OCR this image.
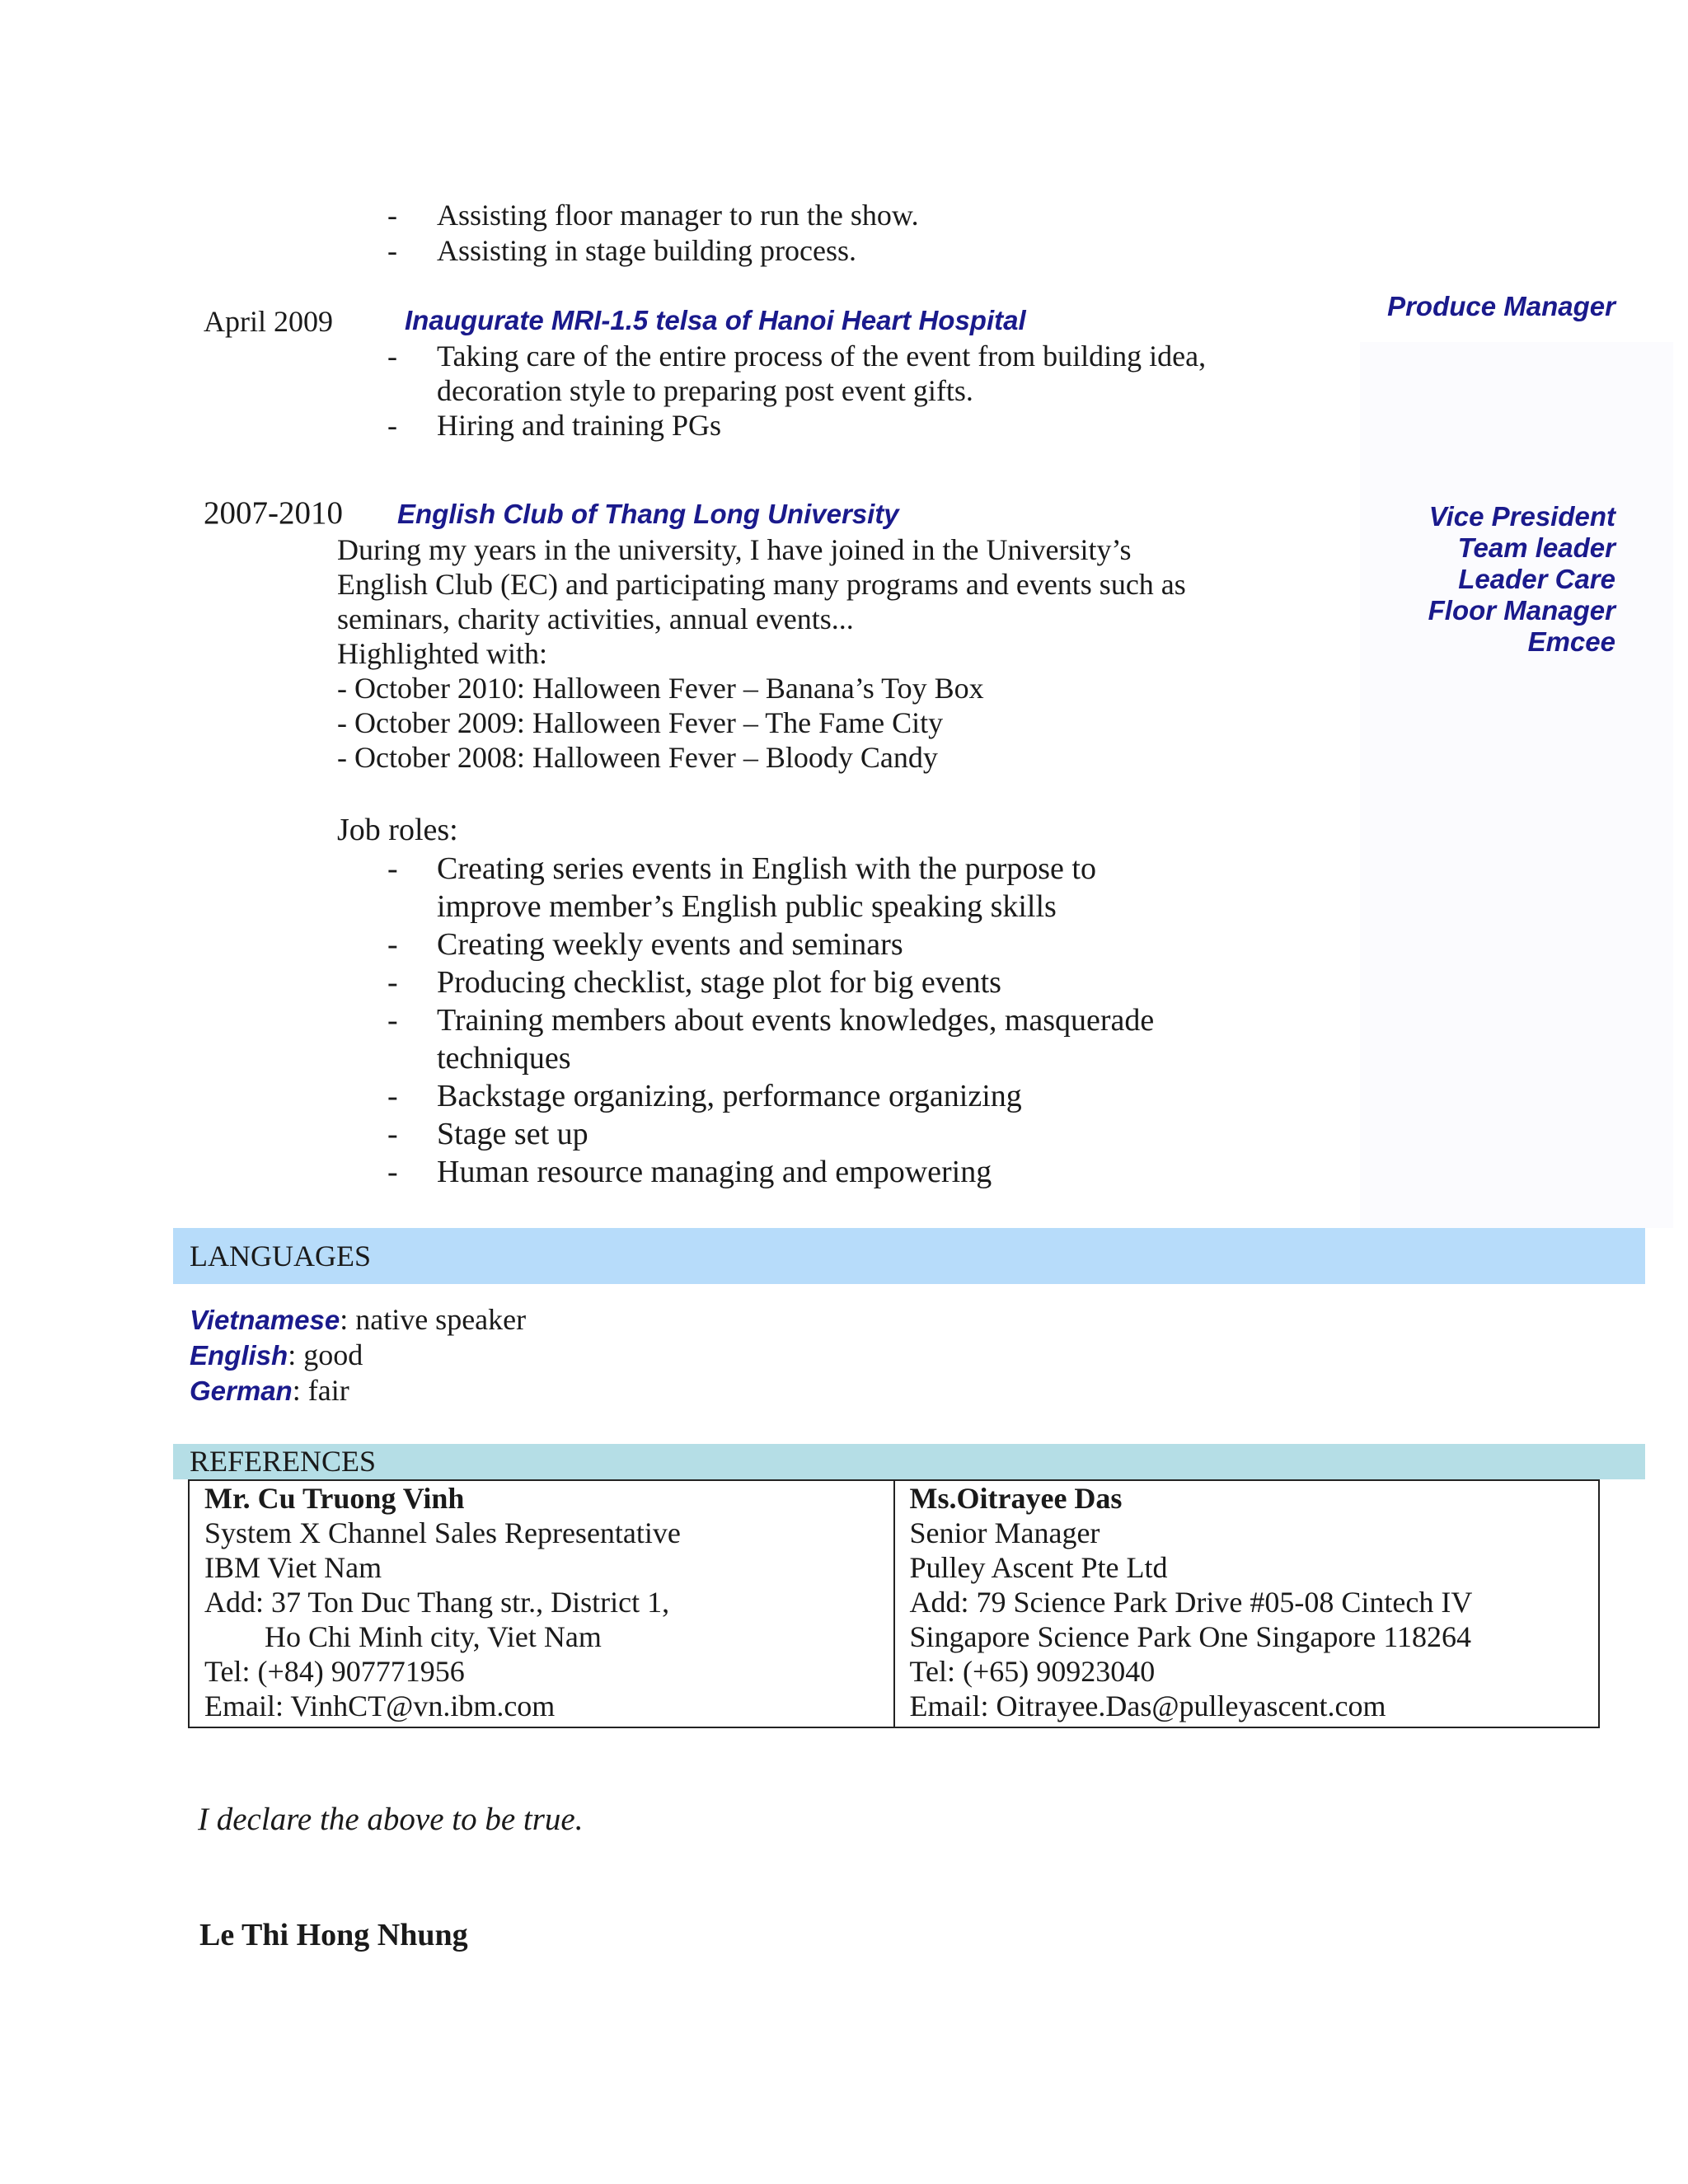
- Assisting floor manager to run the show.
- Assisting in stage building process.
April 2009	Inaugurate MRI-1.5 telsa of Hanoi Heart Hospital	Produce Manager
- Taking care of the entire process of the event from building idea,
decoration style to preparing post event gifts.
- Hiring and training PGs
2007-2010 English Club of Thang Long University	Vice President
Team leader
Leader Care
Floor Manager
Emcee
During my years in the university, I have joined in the University’s
English Club (EC) and participating many programs and events such as
seminars, charity activities, annual events...
Highlighted with:
- October 2010: Halloween Fever – Banana’s Toy Box
- October 2009: Halloween Fever – The Fame City
- October 2008: Halloween Fever – Bloody Candy
Job roles:
- Creating series events in English with the purpose to
improve member’s English public speaking skills
- Creating weekly events and seminars
- Producing checklist, stage plot for big events
- Training members about events knowledges, masquerade
techniques
- Backstage organizing, performance organizing
- Stage set up
- Human resource managing and empowering
LANGUAGES
Vietnamese: native speaker
English: good
German: fair
REFERENCES
Mr. Cu Truong Vinh
System X Channel Sales Representative
IBM Viet Nam
Add: 37 Ton Duc Thang str., District 1,
Ho Chi Minh city, Viet Nam
Tel: (+84) 907771956
Email: VinhCT@vn.ibm.com

Ms.Oitrayee Das
Senior Manager
Pulley Ascent Pte Ltd
Add: 79 Science Park Drive #05-08 Cintech IV
Singapore Science Park One Singapore 118264
Tel: (+65) 90923040
Email: Oitrayee.Das@pulleyascent.com
I declare the above to be true.
Le Thi Hong Nhung
